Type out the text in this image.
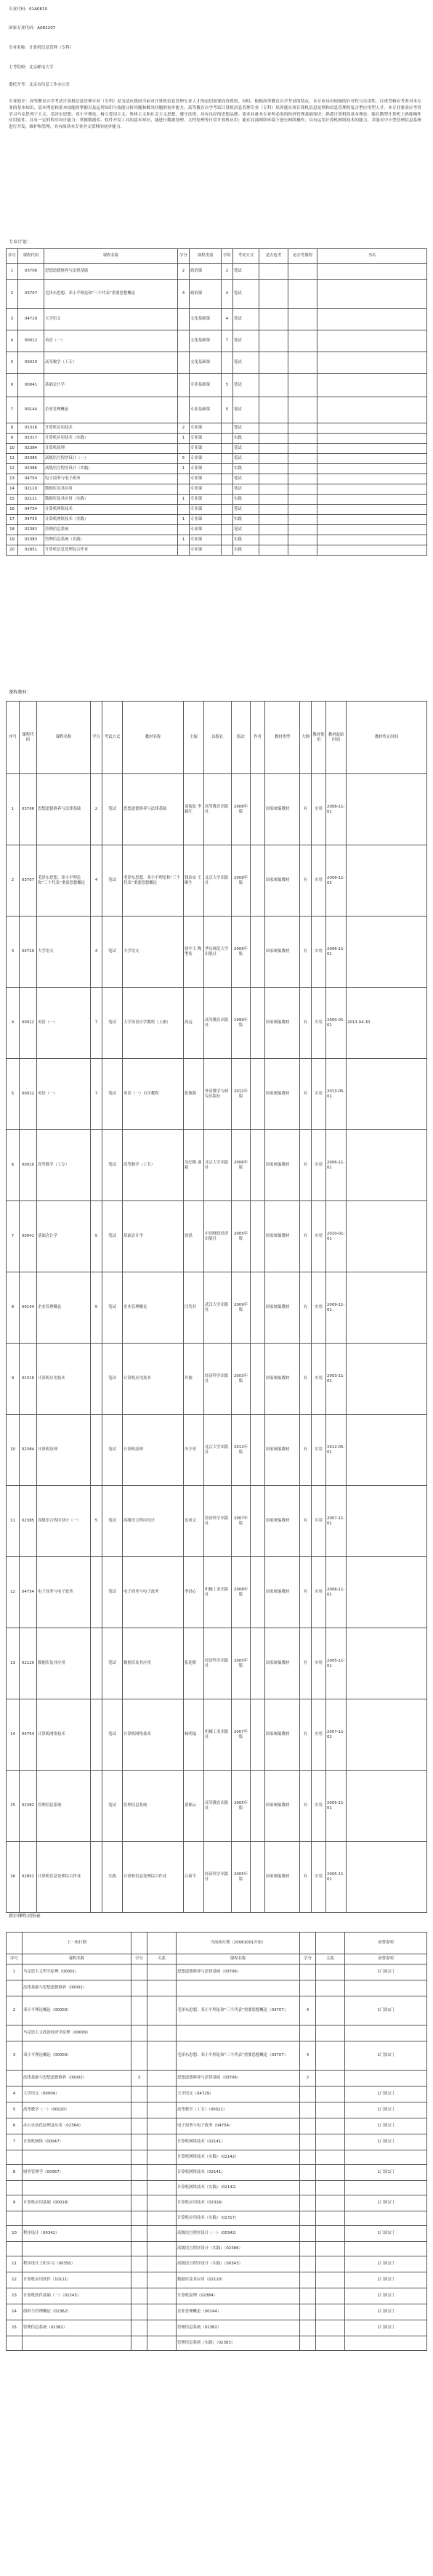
专业代码：01A0810
国家专业代码：A082207
专业名称：计算机信息管理（专科）
主考院校：北京邮电大学
委托开考：北京市信息工作办公室
专业简介：高等教育自学考试计算机信息管理专业（专科）是为适应我国当前对计算机信息管理专业人才的迫切需要而设置的。同时，根据高等教育自学考试的特点，本专业具有较强的针对性与实用性，注重考核应考者对本专业的基本知识、基本理论和基本技能的掌握以及运用知识与技能分析问题和解决问题的初步能力。高等教育自学考试计算机信息管理专业（专科）培养能从事计算机信息处理和信息管理的复合型应用型人才。本专业要求应考者学习马克思列宁主义、毛泽东思想、邓小平理论，树立爱国主义、集体主义和社会主义思想，遵守法律，具有良好的思想品德。要求具备本专业所必需的经济管理基础知识；熟悉计算机的基本理论，能在微型计算机上熟练操作应用软件，具有一定的程序设计能力；掌握数据库、软件开发工具的基本知识，能进行数据处理、文档处理等日常计算机应用；能在局部网络环境下进行网络操作，具有运用计算机网络技术的能力，并能对中小型管理信息系统进行开发、维护和管理，具有阅读本专业外文资料的初步能力。
专业计划：
序号	课程代码	课程名称	学分	课程类别	学时	考试方式	是否选考	是否考课程	书名
1	03706	思想道德修养与法律基础	2	政治课	2	笔试			
2	03707	毛泽东思想、邓小平理论和“三个代表”重要思想概论	4	政治课	4	笔试			
3	04729	大学语文		文化基础课	4	笔试			
4	00012	英语（一）		文化基础课	7	笔试			
5	00020	高等数学（工专）		文化基础课		笔试			
6	00041	基础会计学		专业基础课	5	笔试			
7	00144	企业管理概论		专业基础课	5	笔试			
8	02316	计算机应用技术	2	专业课		笔试			
9	02317	计算机应用技术（实践）	1	专业课		实践			
10	02384	计算机原理		专业课		笔试			
11	02385	高级语言程序设计（一）	5	专业课		笔试			
12	02386	高级语言程序设计（实践）	1	专业课		实践			
13	04754	电子商务与电子政务		专业课		笔试			
14	02120	数据库及其应用		专业课		笔试			
15	02121	数据库及其应用（实践）	1	专业课		实践			
16	04754	计算机网络技术		专业课		笔试			
17	04755	计算机网络技术（实践）	1	专业课		实践			
18	02382	管理信息系统		专业课		笔试			
19	02383	管理信息系统（实践）	1	专业课		实践			
20	02851	计算机信息处理综合作业		专业课		实践			
课程教材：
序号	课程代码	课程名称	学分	考试方式	教材名称	主编	出版社	版次	作者	教材类型	大纲	教材使用	教材起始时间	教材终止时间
1	03706	思想道德修养与法律基础	2	笔试	思想道德修养与法律基础	刘瑞复 李毅红	高等教育出版社	2008年版		国家统编教材	有	实用	2008-11-01	
2	03707	毛泽东思想、邓小平理论和“三个代表”重要思想概论	4	笔试	毛泽东思想、邓小平理论和“三个代表”重要思想概论	钱治安 王顺生	北京大学出版社	2008年版		国家统编教材	有	实用	2008-11-01	
3	04729	大学语文	4	笔试	大学语文	徐中玉 陶型传	华东师范大学出版社	2006年版		国家统编教材	有	实用	2006-11-01	
4	00012	英语（一）	7	笔试	大学英语自学教程（上册）	高远	高等教育出版社	1999年版		国家统编教材	有	实用	2000-01-01	2013-04-30
5	00012	英语（一）	7	笔试	英语（一）自学教程	张敬源	外语教学与研究出版社	2012年版		国家统编教材	有	实用	2013-05-01	
6	00020	高等数学（工专）		笔试	高等数学（工专）	吴纪桃 漆毅	北京大学出版社	2006年版		国家统编教材	有	实用	2006-11-01	
7	00041	基础会计学	5	笔试	基础会计学	徐泓	中国财政经济出版社	2005年版		国家统编教材	有	实用	2010-01-01	
8	00144	企业管理概论	5	笔试	企业管理概论	闫笑非	武汉大学出版社	2009年版		国家统编教材	有	实用	2009-11-01	
9	02316	计算机应用技术		笔试	计算机应用技术	许骏	经济科学出版社	2003年版		国家统编教材	有	实用	2003-11-01	
10	02384	计算机原理		笔试	计算机原理	冯少荣	北京大学出版社	2012年版		国家统编教材	有	实用	2012-05-01	
11	02385	高级语言程序设计（一）	5	笔试	高级语言程序设计	迟成文	经济科学出版社	2007年版		国家统编教材	有	实用	2007-11-01	
12	04754	电子商务与电子政务		笔试	电子商务与电子政务	李洪心	机械工业出版社	2008年版		国家统编教材	有	实用	2008-11-01	
13	02120	数据库及其应用		笔试	数据库及其应用	张迎新	经济科学出版社	2005年版		国家统编教材	有	实用	2005-11-01	
14	04754	计算机网络技术		笔试	计算机网络技术	杨明福	机械工业出版社	2007年版		国家统编教材	有	实用	2007-11-01	
15	02382	管理信息系统		笔试	管理信息系统	黄梯云	高等教育出版社	2005年版		国家统编教材	有	实用	2005-11-01	
16	02851	计算机信息处理综合作业		实践	计算机信息处理综合作业	吕新平	经济科学出版社	2005年版		国家统编教材	有	实用	2005-11-01	
新旧课程对照表：
	上一执行期			当前执行期（20081001开始）			顶替说明
序号	课程名称	学分	关系	课程名称	学分	关系	顶替说明
1	马克思主义哲学原理（00001）			思想道德修养与法律基础（03706）			1门顶1门
	法律基础与思想道德修养（00002）						
2	邓小平理论概论（00003）			毛泽东思想、邓小平理论和“三个代表”重要思想概论（03707）	4		1门顶1门
	马克思主义政治经济学原理（00009）						
3	邓小平理论概论（00003）			毛泽东思想、邓小平理论和“三个代表”重要思想概论（03707）	4		1门顶1门
	法律基础与思想道德修养（00002）	3		思想道德修养与法律基础（03706）	2		
4	大学语文（00004）			大学语文（04729）			1门顶1门
5	高等数学（一）（00020）			高等数学（工专）（00022）			1门顶1门
6	办公自动化原理及应用（02364）			电子商务与电子政务（04754）			1门顶1门
7	计算机网络（00047）			计算机网络技术（02141）			1门顶1门
				计算机网络技术（实践）（02142）			
8	财务管理学（00067）			计算机网络技术（02141）			1门顶1门
				计算机网络技术（实践）（02142）			
9	计算机应用基础（00018）			计算机应用技术（02316）			1门顶1门
				计算机应用技术（实践）（02317）			
10	程序设计（00342）			高级语言程序设计（一）（00342）			1门顶1门
				高级语言程序设计（实践）（02386）			
11	程序设计上机实习（00350）			高级语言程序设计（实践）（00343）			1门顶1门
12	计算机应用软件（10111）			数据库及其应用（02120）			1门顶1门
13	计算机软件基础（一）（02243）			计算机原理（02384）			1门顶1门
14	组织与管理概论（02362）			企业管理概论（00144）			1门顶1门
15	管理信息系统（02382）			管理信息系统（02382）			1门顶1门
				管理信息系统（实践）（02383）			
